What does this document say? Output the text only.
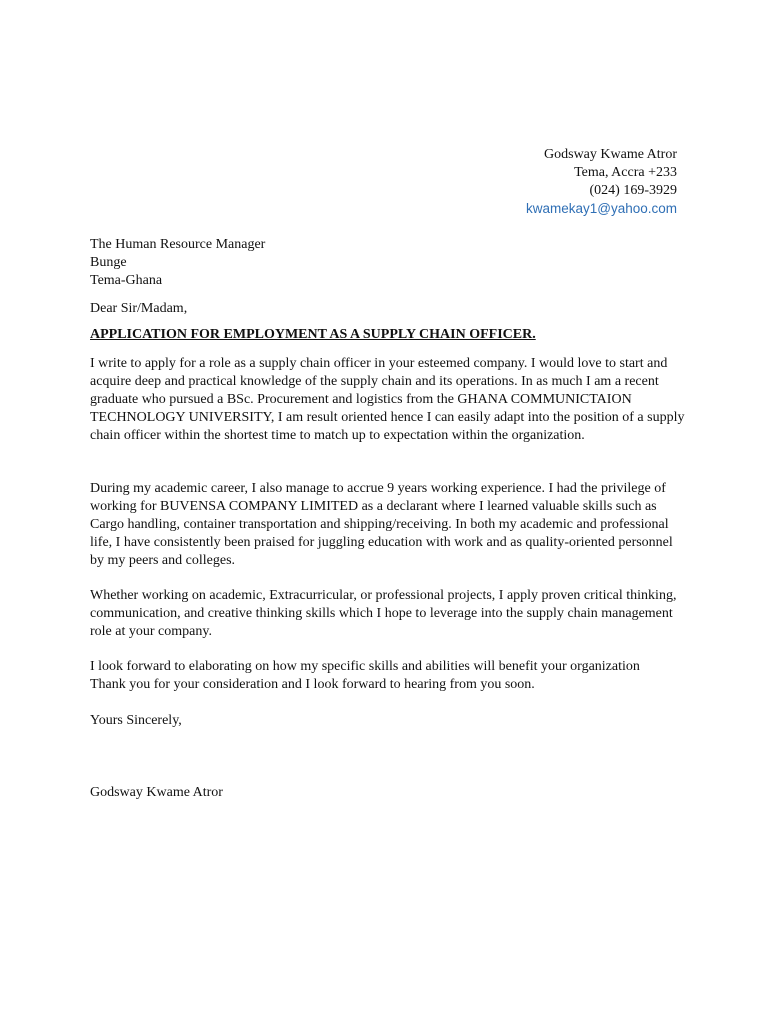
Godsway Kwame Atror
Tema, Accra +233
(024) 169-3929
kwamekay1@yahoo.com
The Human Resource Manager
Bunge
Tema-Ghana
Dear Sir/Madam,
APPLICATION FOR EMPLOYMENT AS A SUPPLY CHAIN OFFICER.

I write to apply for a role as a supply chain officer in your esteemed company. I would love to start and acquire deep and practical knowledge of the supply chain and its operations. In as much I am a recent graduate who pursued a BSc. Procurement and logistics from the GHANA COMMUNICTAION TECHNOLOGY UNIVERSITY, I am result oriented hence I can easily adapt into the position of a supply chain officer within the shortest time to match up to expectation within the organization.

During my academic career, I also manage to accrue 9 years working experience. I had the privilege of working for BUVENSA COMPANY LIMITED as a declarant where I learned valuable skills such as Cargo handling, container transportation and shipping/receiving. In both my academic and professional life, I have consistently been praised for juggling education with work and as quality-oriented personnel by my peers and colleges.

Whether working on academic, Extracurricular, or professional projects, I apply proven critical thinking, communication, and creative thinking skills which I hope to leverage into the supply chain management role at your company.

I look forward to elaborating on how my specific skills and abilities will benefit your organization
Thank you for your consideration and I look forward to hearing from you soon.
Yours Sincerely,
Godsway Kwame Atror
